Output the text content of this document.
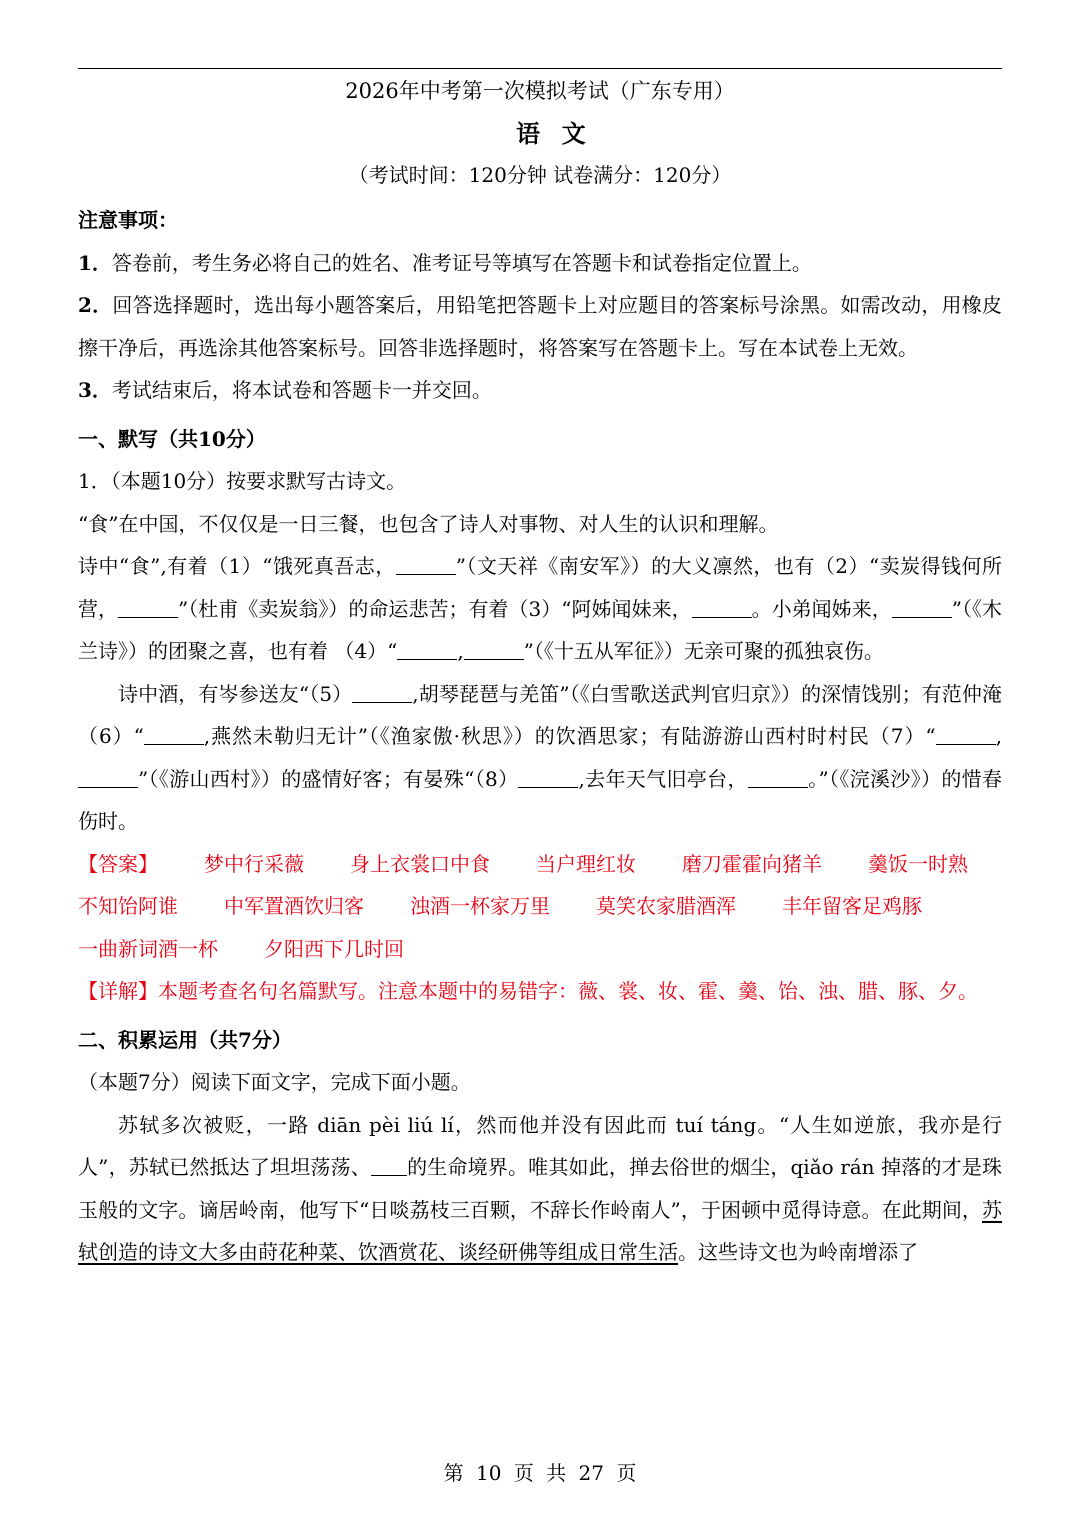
2026年中考第一次模拟考试（广东专用）
语文
（考试时间：120分钟 试卷满分：120分）

注意事项：

1．答卷前，考生务必将自己的姓名、准考证号等填写在答题卡和试卷指定位置上。

2．回答选择题时，选出每小题答案后，用铅笔把答题卡上对应题目的答案标号涂黑。如需改动，用橡皮擦干净后，再选涂其他答案标号。回答非选择题时，将答案写在答题卡上。写在本试卷上无效。

3．考试结束后，将本试卷和答题卡一并交回。

一、默写（共10分）

1．（本题10分）按要求默写古诗文。

“食”在中国，不仅仅是一日三餐，也包含了诗人对事物、对人生的认识和理解。

诗中“食”,有着（1）“饿死真吾志，	”（文天祥《南安军》）的大义凛然，也有（2）“卖炭得钱何所营，	”（杜甫《卖炭翁》）的命运悲苦；有着（3）“阿姊闻妹来，	。小弟闻姊来，	”（《木兰诗》）的团聚之喜，也有着 （4）“	,	”（《十五从军征》）无亲可聚的孤独哀伤。

诗中酒，有岑参送友“（5）	,胡琴琵琶与羌笛”（《白雪歌送武判官归京》）的深情饯别；有范仲淹（6）“	,燕然未勒归无计”（《渔家傲·秋思》）的饮酒思家；有陆游游山西村时村民（7）“	,”（《游山西村》）的盛情好客；有晏殊“（8）	,去年天气旧亭台，	。”（《浣溪沙》）的惜春伤时。

【答案】 梦中行采薇 身上衣裳口中食 当户理红妆 磨刀霍霍向猪羊 羹饭一时熟
不知饴阿谁 中军置酒饮归客 浊酒一杯家万里 莫笑农家腊酒浑 丰年留客足鸡豚
一曲新词酒一杯 夕阳西下几时回

【详解】本题考查名句名篇默写。注意本题中的易错字：薇、裳、妆、霍、羹、饴、浊、腊、豚、夕。

二、积累运用（共7分）

（本题7分）阅读下面文字，完成下面小题。

苏轼多次被贬，一路 diān pèi liú lí，然而他并没有因此而 tuí táng。“人生如逆旅，我亦是行人”，苏轼已然抵达了坦坦荡荡、 的生命境界。唯其如此，掸去俗世的烟尘，qiǎo rán 掉落的才是珠玉般的文字。谪居岭南，他写下“日啖荔枝三百颗，不辞长作岭南人”，于困顿中觅得诗意。在此期间，苏轼创造的诗文大多由莳花种菜、饮酒赏花、谈经研佛等组成日常生活。这些诗文也为岭南增添了

第 10 页 共 27 页
